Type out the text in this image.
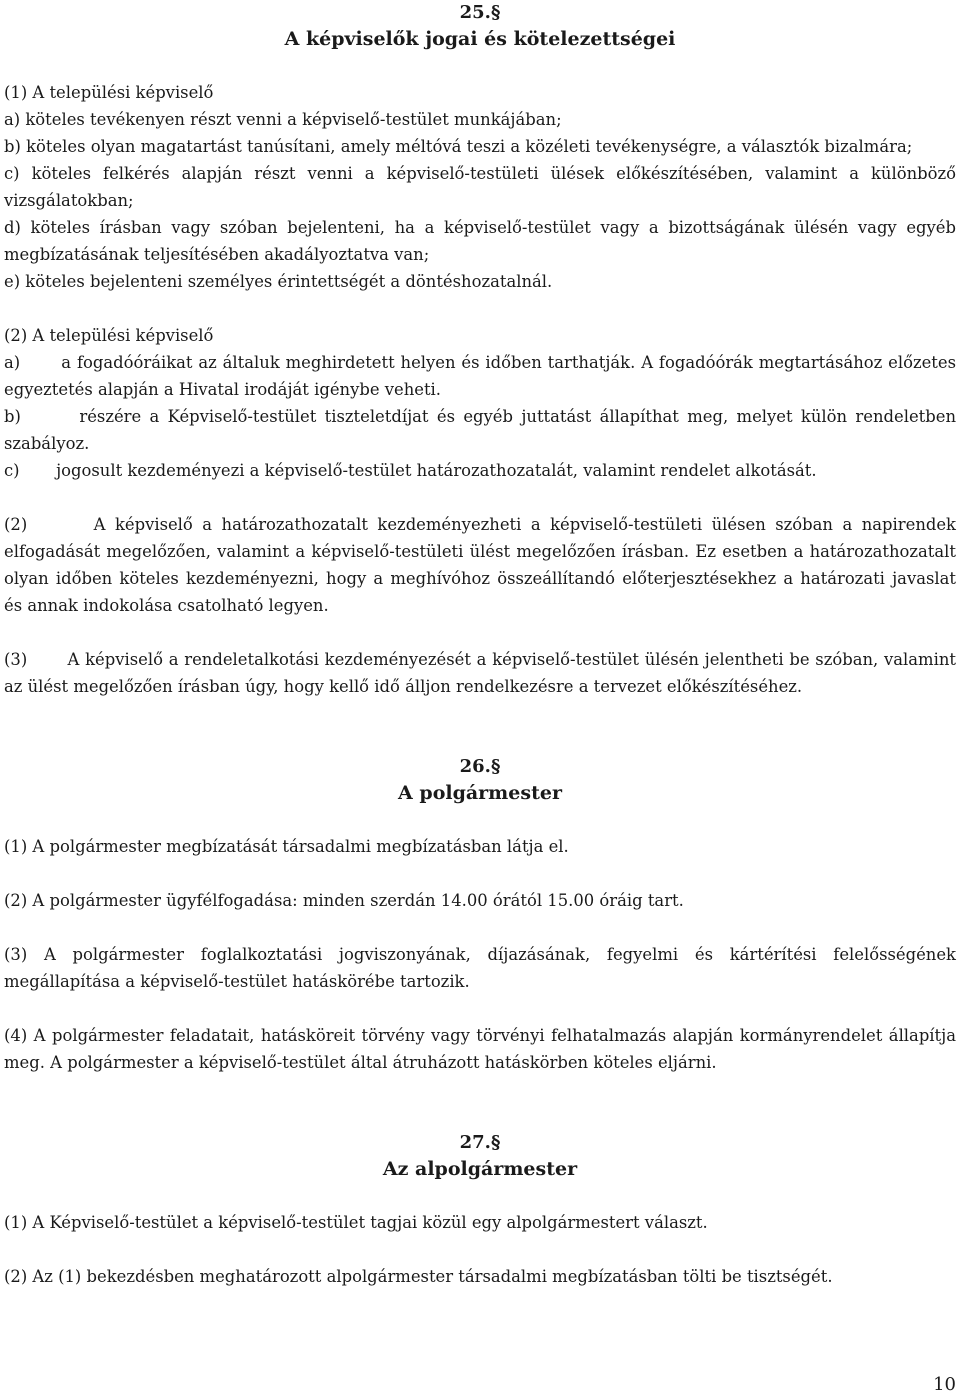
25.§
A képviselők jogai és kötelezettségei

(1) A települési képviselő

a) köteles tevékenyen részt venni a képviselő-testület munkájában;

b) köteles olyan magatartást tanúsítani, amely méltóvá teszi a közéleti tevékenységre, a választók bizalmára;

c) köteles felkérés alapján részt venni a képviselő-testületi ülések előkészítésében, valamint a különböző vizsgálatokban;

d) köteles írásban vagy szóban bejelenteni, ha a képviselő-testület vagy a bizottságának ülésén vagy egyéb megbízatásának teljesítésében akadályoztatva van;

e) köteles bejelenteni személyes érintettségét a döntéshozatalnál.

(2) A települési képviselő

a)	a fogadóóráikat az általuk meghirdetett helyen és időben tarthatják. A fogadóórák megtartásához előzetes egyeztetés alapján a Hivatal irodáját igénybe veheti.

b)	részére a Képviselő-testület tiszteletdíjat és egyéb juttatást állapíthat meg, melyet külön rendeletben szabályoz.

c) jogosult kezdeményezi a képviselő-testület határozathozatalát, valamint rendelet alkotását.

(2)	A képviselő a határozathozatalt kezdeményezheti a képviselő-testületi ülésen szóban a napirendek elfogadását megelőzően, valamint a képviselő-testületi ülést megelőzően írásban. Ez esetben a határozathozatalt olyan időben köteles kezdeményezni, hogy a meghívóhoz összeállítandó előterjesztésekhez a határozati javaslat és annak indokolása csatolható legyen.

(3) A képviselő a rendeletalkotási kezdeményezését a képviselő-testület ülésén jelentheti be szóban, valamint az ülést megelőzően írásban úgy, hogy kellő idő álljon rendelkezésre a tervezet előkészítéséhez.

26.§
A polgármester

(1) A polgármester megbízatását társadalmi megbízatásban látja el.

(2) A polgármester ügyfélfogadása: minden szerdán 14.00 órától 15.00 óráig tart.

(3) A polgármester foglalkoztatási jogviszonyának, díjazásának, fegyelmi és kártérítési felelősségének megállapítása a képviselő-testület hatáskörébe tartozik.

(4) A polgármester feladatait, hatásköreit törvény vagy törvényi felhatalmazás alapján kormányrendelet állapítja meg. A polgármester a képviselő-testület által átruházott hatáskörben köteles eljárni.

27.§
Az alpolgármester

(1) A Képviselő-testület a képviselő-testület tagjai közül egy alpolgármestert választ.

(2) Az (1) bekezdésben meghatározott alpolgármester társadalmi megbízatásban tölti be tisztségét.

10
